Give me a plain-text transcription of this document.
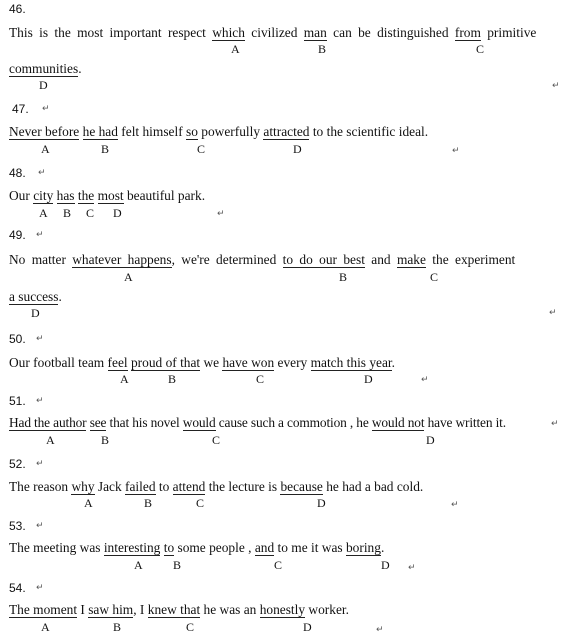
46.
This is the most important respect which civilized man can be distinguished from primitive
A	B	C
communities.
D	↵
47. ↵
Never before he had felt himself so powerfully attracted to the scientific ideal.
A	B	C	D	↵
48. ↵
Our city has the most beautiful park.
A B C D	↵
49. ↵
No matter whatever happens, we're determined to do our best and make the experiment
A	B	C
a success.
D	↵
50. ↵
Our football team feel proud of that we have won every match this year.
A	B	C	D	↵
51. ↵
Had the author see that his novel would cause such a commotion , he would not have written it.	↵
A	B	C	D
52. ↵
The reason why Jack failed to attend the lecture is because he had a bad cold.
A	B	C	D	↵
53. ↵
The meeting was interesting to some people , and to me it was boring.
A	B	C	D ↵
54. ↵
The moment I saw him, I knew that he was an honestly worker.
A	B	C	D	↵
